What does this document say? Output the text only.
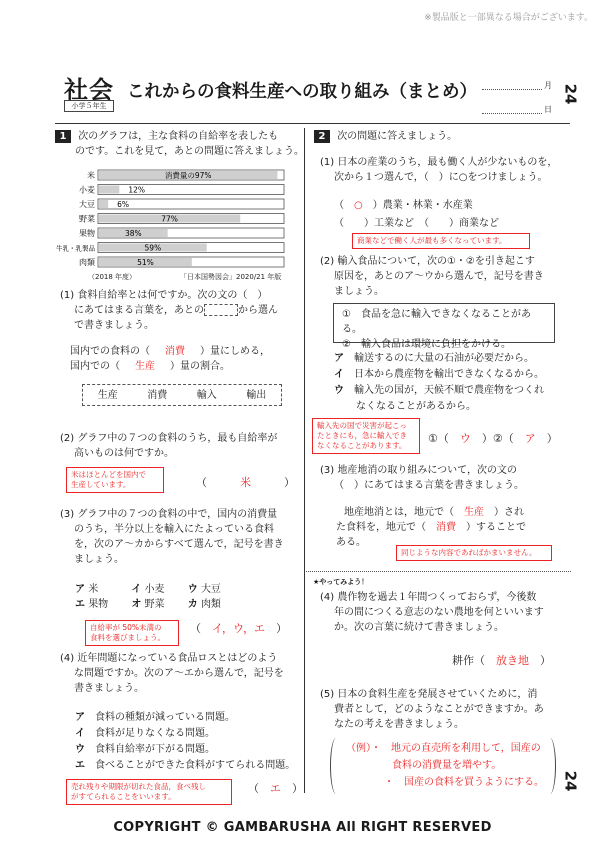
※製品版と一部異なる場合がございます。
社会
小学５年生
これからの食料生産への取り組み（まとめ）	月
日
24
1 次のグラフは，主な食料の自給率を表したも
のです。これを見て，あとの問題に答えましょう。
米	消費量の97%
小麦	12%
大豆	6%
野菜	77%
果物	38%
牛乳・乳製品	59%
肉類	51%
（2018 年度）	「日本国勢図会」2020/21 年版
(1) 食料自給率とは何ですか。次の文の（　）
にあてはまる言葉を，あとの	から選ん
で書きましょう。
国内での食料の（ 消費 ）量にしめる，
国内での（ 生産 ）量の割合。
生産	消費	輸入	輸出
(2) グラフ中の７つの食料のうち，最も自給率が
高いものは何ですか。
米はほとんどを国内で
生産しています。	（　　　米　　　）
(3) グラフ中の７つの食料の中で，国内の消費量
のうち，半分以上を輸入にたよっている食料
を，次のア～カからすべて選んで，記号を書き
ましょう。
ア 米	イ 小麦 ウ 大豆
エ 果物 オ 野菜 カ 肉類
自給率が 50%未満の
食料を選びましょう。
（　イ，ウ，エ　）
(4) 近年問題になっている食品ロスとはどのよう
な問題ですか。次のア～エから選んで，記号を
書きましょう。
ア　 食料の種類が減っている問題。
イ　 食料が足りなくなる問題。
ウ　 食料自給率が下がる問題。
エ　 食べることができた食料がすてられる問題。
売れ残りや期限が切れた食品，食べ残し
がすてられることをいいます。
（　エ　）
2 次の問題に答えましょう。
(1) 日本の産業のうち，最も働く人が少ないものを，
次から１つ選んで，（　）に○をつけましょう。
（　○　 ）農業・林業・水産業
（　　）工業など　（　　）商業など
商業などで働く人が最も多くなっています。
(2) 輸入食品について，次の①・②を引き起こす
原因を，あとのア～ウから選んで，記号を書き
ましょう。
①　食品を急に輸入できなくなることがある。
②　輸入食品は環境に負担をかける。
ア　 輸送するのに大量の石油が必要だから。
イ　 日本から農産物を輸出できなくなるから。
ウ　 輸入先の国が，天候不順で農産物をつくれ
なくなることがあるから。
輸入先の国で災害が起こっ
たときにも，急に輸入でき
なくなることがあります。
①（　ウ　）②（　ア　）
(3) 地産地消の取り組みについて，次の文の
（　）にあてはまる言葉を書きましょう。
地産地消とは，地元で（ 生産 ）され
た食料を，地元で（ 消費 ）することで
ある。
同じような内容であればかまいません。
★やってみよう！
(4) 農作物を過去１年間つくっておらず，今後数
年の間につくる意志のない農地を何といいます
か。次の言葉に続けて書きましょう。
耕作（　 放き地　 ）
(5) 日本の食料生産を発展させていくために，消
費者として，どのようなことができますか。あ
なたの考えを書きましょう。
（例）・　地元の直売所を利用して，国産の
食料の消費量を増やす。
・　国産の食料を買うようにする。 24
COPYRIGHT © GAMBARUSHA All RIGHT RESERVED
